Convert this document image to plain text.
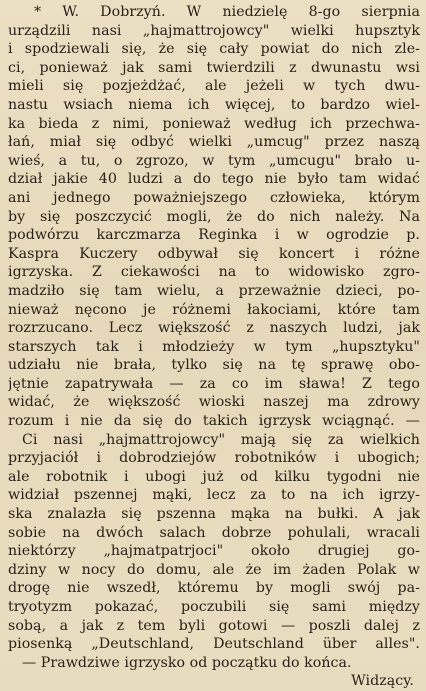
* W. Dobrzyń. W niedzielę 8-go sierpnia
urządzili nasi „hajmattrojowcy" wielki hupsztyk
i spodziewali się, że się cały powiat do nich zle-
ci, ponieważ jak sami twierdzili z dwunastu wsi
mieli się pozjeżdżać, ale jeżeli w tych dwu-
nastu wsiach niema ich więcej, to bardzo wiel-
ka bieda z nimi, ponieważ według ich przechwa-
łań, miał się odbyć wielki „umcug" przez naszą
wieś, a tu, o zgrozo, w tym „umcugu" brało u-
dział jakie 40 ludzi a do tego nie było tam widać
ani jednego poważniejszego człowieka, którym
by się poszczycić mogli, że do nich należy. Na
podwórzu karczmarza Reginka i w ogrodzie p.
Kaspra Kuczery odbywał się koncert i różne
igrzyska. Z ciekawości na to widowisko zgro-
madziło się tam wielu, a przeważnie dzieci, po-
nieważ nęcono je różnemi łakociami, które tam
rozrzucano. Lecz większość z naszych ludzi, jak
starszych tak i młodzieży w tym „hupsztyku"
udziału nie brała, tylko się na tę sprawę obo-
jętnie zapatrywała — za co im sława! Z tego
widać, że większość wioski naszej ma zdrowy
rozum i nie da się do takich igrzysk wciągnąć. —
Ci nasi „hajmattrojowcy" mają się za wielkich
przyjaciół i dobrodziejów robotników i ubogich;
ale robotnik i ubogi już od kilku tygodni nie
widział pszennej mąki, lecz za to na ich igrzy-
ska znalazła się pszenna mąka na bułki. A jak
sobie na dwóch salach dobrze pohulali, wracali
niektórzy „hajmatpatrjoci" około drugiej go-
dziny w nocy do domu, ale że im żaden Polak w
drogę nie wszedł, któremu by mogli swój pa-
tryotyzm pokazać, poczubili się sami między
sobą, a jak z tem byli gotowi — poszli dalej z
piosenką „Deutschland, Deutschland über alles".
— Prawdziwe igrzysko od początku do końca.
Widzący.
